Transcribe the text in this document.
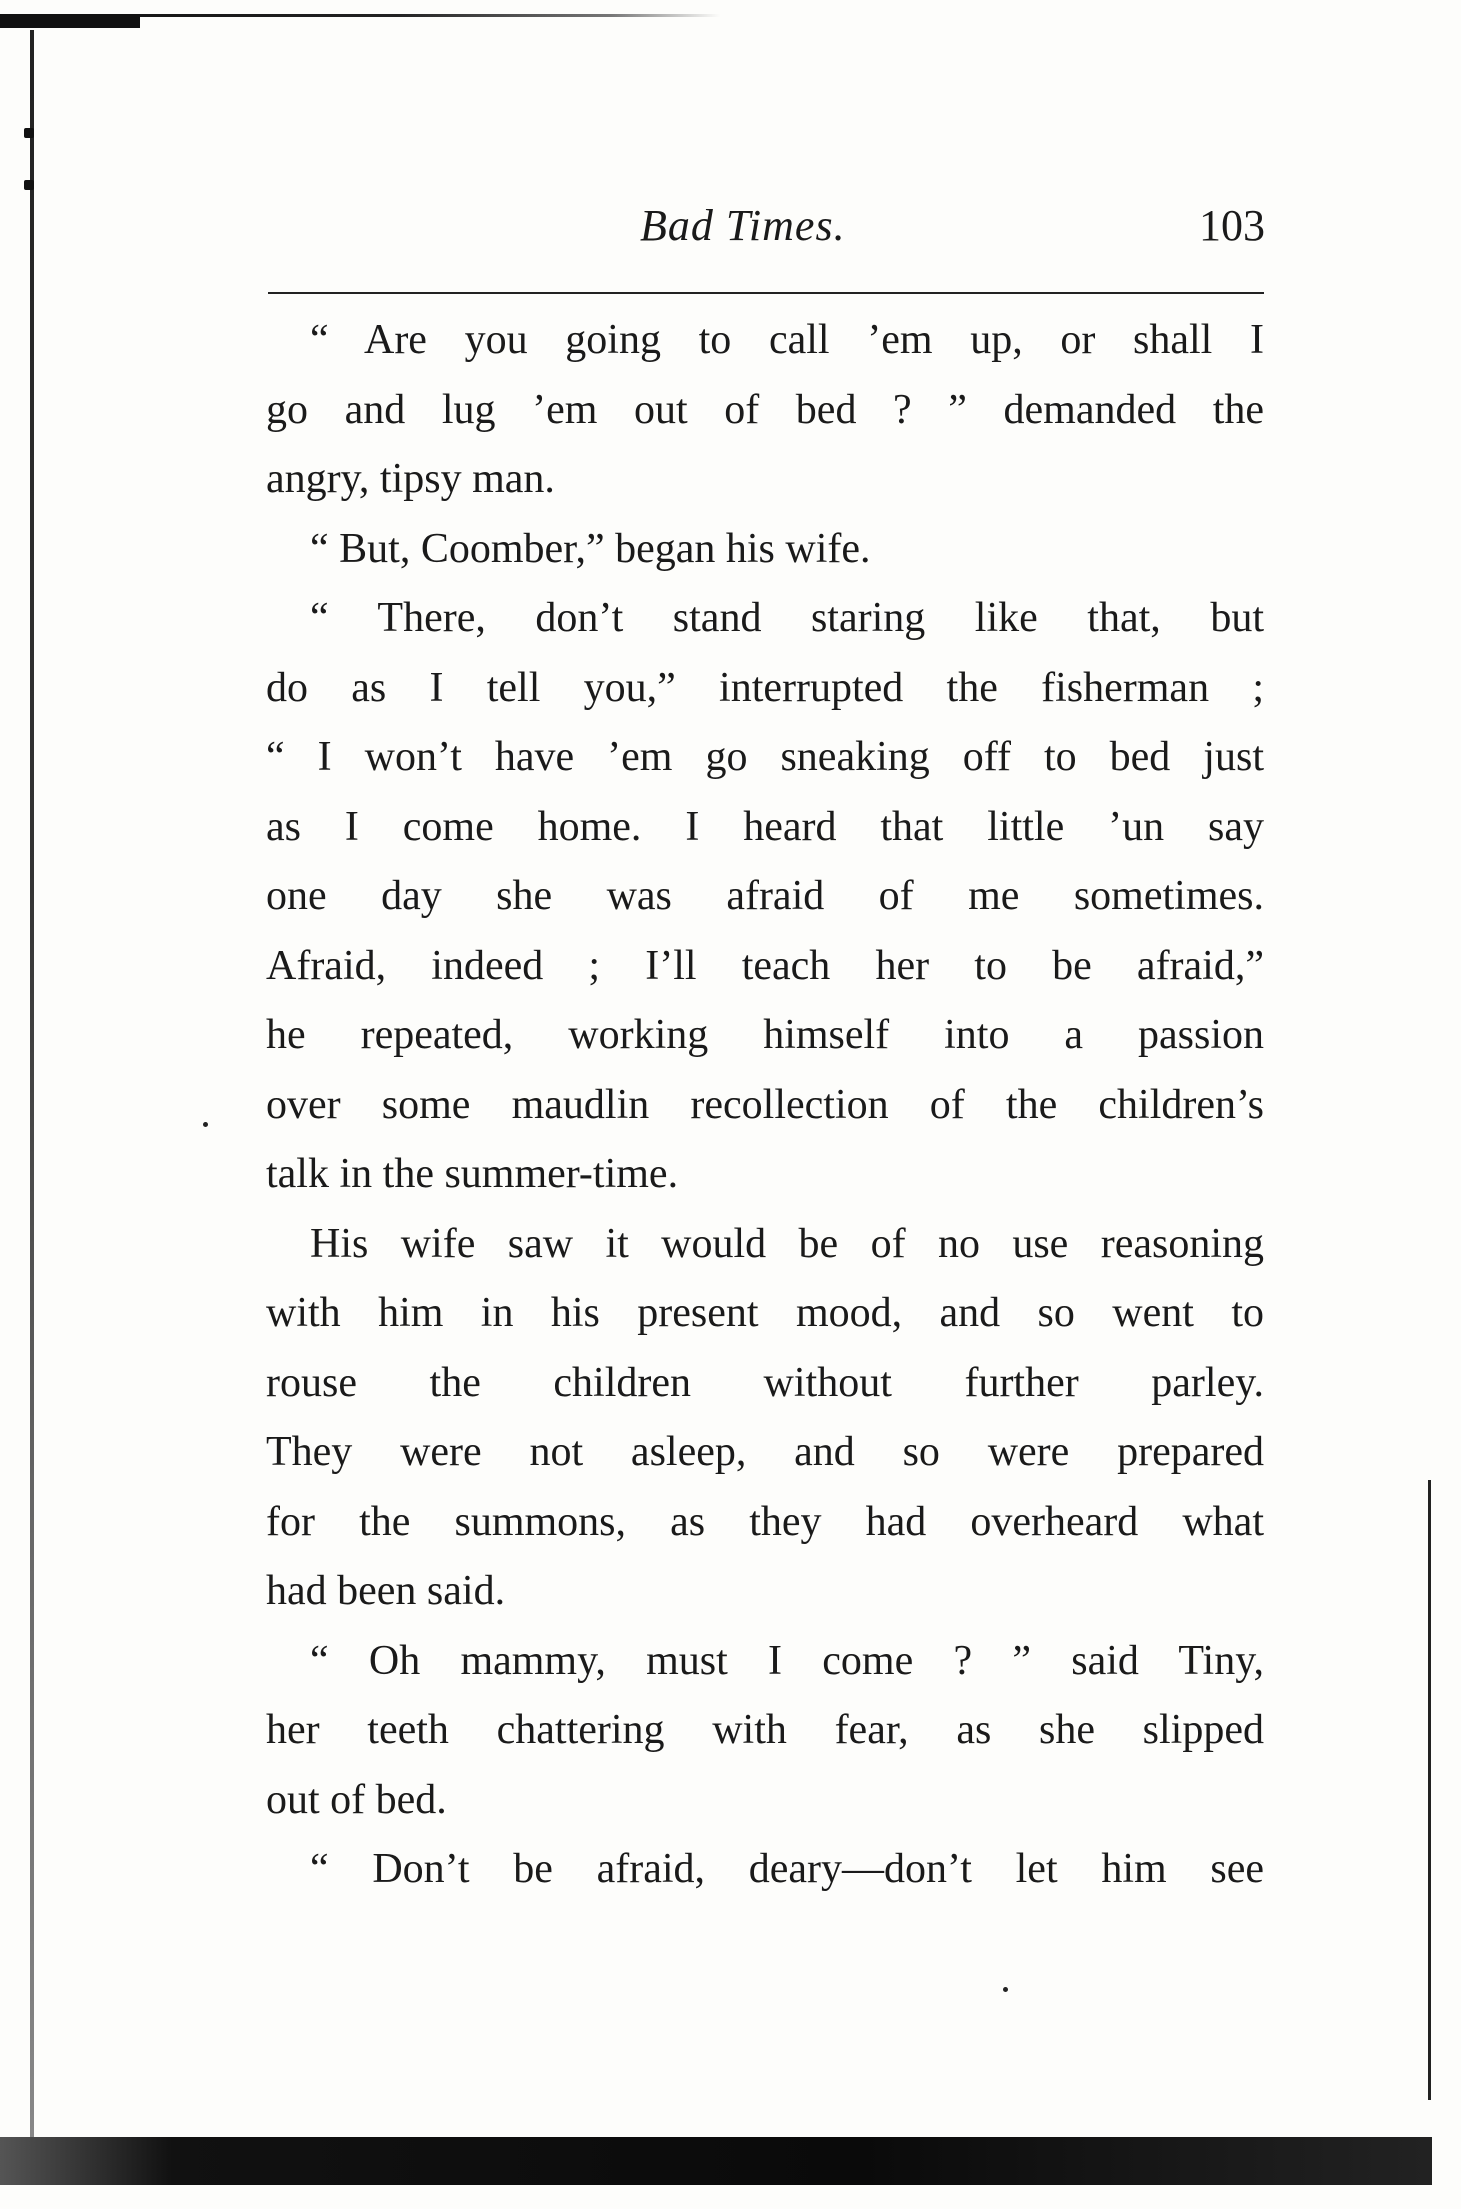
Bad Times.	103
“ Are you going to call ’em up, or shall I
go and lug ’em out of bed ? ” demanded the
angry, tipsy man.
“ But, Coomber,” began his wife.
“ There, don’t stand staring like that, but
do as I tell you,” interrupted the fisherman ;
“ I won’t have ’em go sneaking off to bed just
as I come home. I heard that little ’un say
one day she was afraid of me sometimes.
Afraid, indeed ; I’ll teach her to be afraid,”
he repeated, working himself into a passion
over some maudlin recollection of the children’s
talk in the summer-time.
His wife saw it would be of no use reasoning
with him in his present mood, and so went to
rouse the children without further parley.
They were not asleep, and so were prepared
for the summons, as they had overheard what
had been said.
“ Oh mammy, must I come ? ” said Tiny,
her teeth chattering with fear, as she slipped
out of bed.
“ Don’t be afraid, deary—don’t let him see
